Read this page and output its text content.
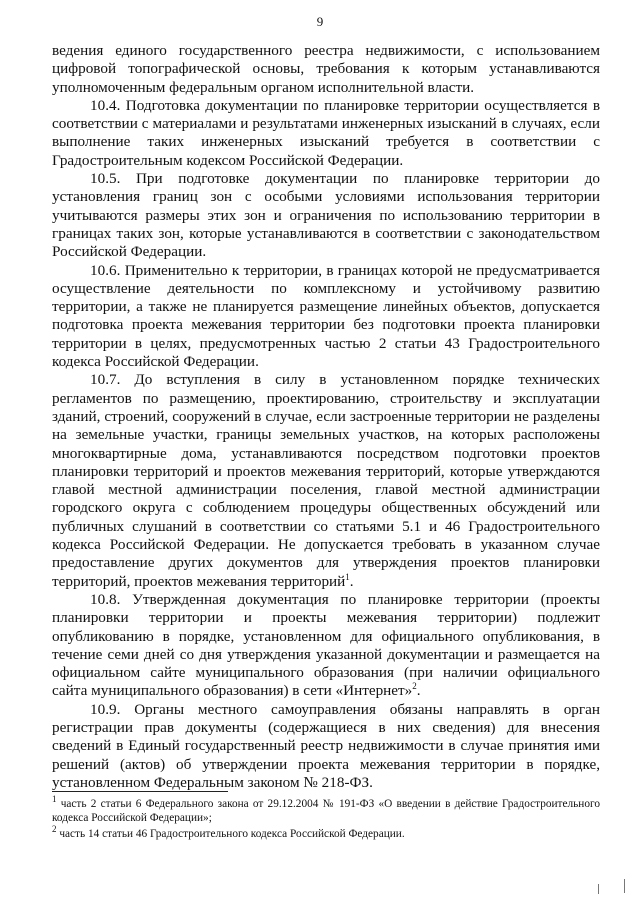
9

ведения единого государственного реестра недвижимости, с использованием цифровой топографической основы, требования к которым устанавливаются уполномоченным федеральным органом исполнительной власти.

10.4. Подготовка документации по планировке территории осуществляется в соответствии с материалами и результатами инженерных изысканий в случаях, если выполнение таких инженерных изысканий требуется в соответствии с Градостроительным кодексом Российской Федерации.

10.5. При подготовке документации по планировке территории до установления границ зон с особыми условиями использования территории учитываются размеры этих зон и ограничения по использованию территории в границах таких зон, которые устанавливаются в соответствии с законодательством Российской Федерации.

10.6. Применительно к территории, в границах которой не предусматривается осуществление деятельности по комплексному и устойчивому развитию территории, а также не планируется размещение линейных объектов, допускается подготовка проекта межевания территории без подготовки проекта планировки территории в целях, предусмотренных частью 2 статьи 43 Градостроительного кодекса Российской Федерации.

10.7. До вступления в силу в установленном порядке технических регламентов по размещению, проектированию, строительству и эксплуатации зданий, строений, сооружений в случае, если застроенные территории не разделены на земельные участки, границы земельных участков, на которых расположены многоквартирные дома, устанавливаются посредством подготовки проектов планировки территорий и проектов межевания территорий, которые утверждаются главой местной администрации поселения, главой местной администрации городского округа с соблюдением процедуры общественных обсуждений или публичных слушаний в соответствии со статьями 5.1 и 46 Градостроительного кодекса Российской Федерации. Не допускается требовать в указанном случае предоставление других документов для утверждения проектов планировки территорий, проектов межевания территорий$^1$.

10.8. Утвержденная документация по планировке территории (проекты планировки территории и проекты межевания территории) подлежит опубликованию в порядке, установленном для официального опубликования, в течение семи дней со дня утверждения указанной документации и размещается на официальном сайте муниципального образования (при наличии официального сайта муниципального образования) в сети «Интернет»$^2$.

10.9. Органы местного самоуправления обязаны направлять в орган регистрации прав документы (содержащиеся в них сведения) для внесения сведений в Единый государственный реестр недвижимости в случае принятия ими решений (актов) об утверждении проекта межевания территории в порядке, установленном Федеральным законом № 218-ФЗ.

$^1$ часть 2 статьи 6 Федерального закона от 29.12.2004 № 191-ФЗ «О введении в действие Градостроительного кодекса Российской Федерации»;

$^2$ часть 14 статьи 46 Градостроительного кодекса Российской Федерации.
